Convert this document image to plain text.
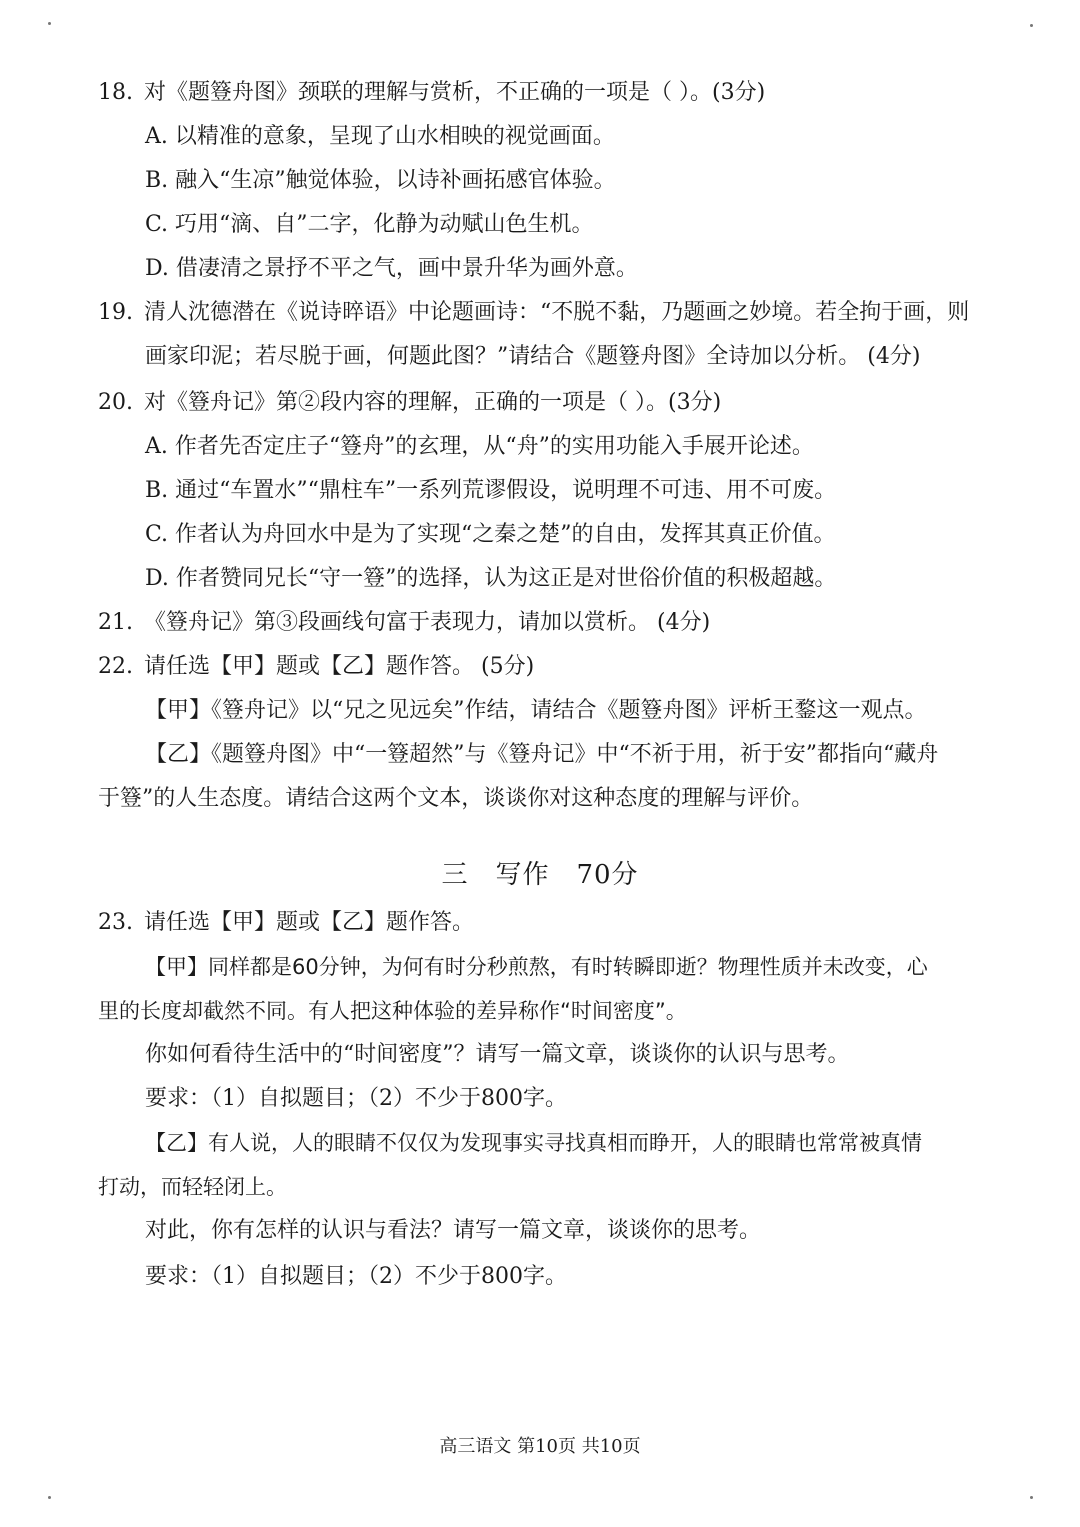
18. 对《题簦舟图》颈联的理解与赏析，不正确的一项是（ ）。(3分)
A. 以精准的意象，呈现了山水相映的视觉画面。
B. 融入“生凉”触觉体验，以诗补画拓感官体验。
C. 巧用“滴、自”二字，化静为动赋山色生机。
D. 借凄清之景抒不平之气，画中景升华为画外意。
19. 清人沈德潜在《说诗晬语》中论题画诗：“不脱不黏，乃题画之妙境。若全拘于画，则
画家印泥；若尽脱于画，何题此图？”请结合《题簦舟图》全诗加以分析。 (4分)
20. 对《簦舟记》第②段内容的理解，正确的一项是（ ）。(3分)
A. 作者先否定庄子“簦舟”的玄理，从“舟”的实用功能入手展开论述。
B. 通过“车置水”“鼎柱车”一系列荒谬假设，说明理不可违、用不可废。
C. 作者认为舟回水中是为了实现“之秦之楚”的自由，发挥其真正价值。
D. 作者赞同兄长“守一簦”的选择，认为这正是对世俗价值的积极超越。
21. 《簦舟记》第③段画线句富于表现力，请加以赏析。 (4分)
22. 请任选【甲】题或【乙】题作答。 (5分)
【甲】《簦舟记》以“兄之见远矣”作结，请结合《题簦舟图》评析王鍪这一观点。
【乙】《题簦舟图》中“一簦超然”与《簦舟记》中“不祈于用，祈于安”都指向“藏舟
于簦”的人生态度。请结合这两个文本，谈谈你对这种态度的理解与评价。
三　写作　70分
23. 请任选【甲】题或【乙】题作答。
【甲】同样都是60分钟，为何有时分秒煎熬，有时转瞬即逝？物理性质并未改变，心
里的长度却截然不同。有人把这种体验的差异称作“时间密度”。
你如何看待生活中的“时间密度”？请写一篇文章，谈谈你的认识与思考。
要求：（1）自拟题目；（2）不少于800字。
【乙】有人说，人的眼睛不仅仅为发现事实寻找真相而睁开，人的眼睛也常常被真情
打动，而轻轻闭上。
对此，你有怎样的认识与看法？请写一篇文章，谈谈你的思考。
要求：（1）自拟题目；（2）不少于800字。
高三语文 第10页 共10页
